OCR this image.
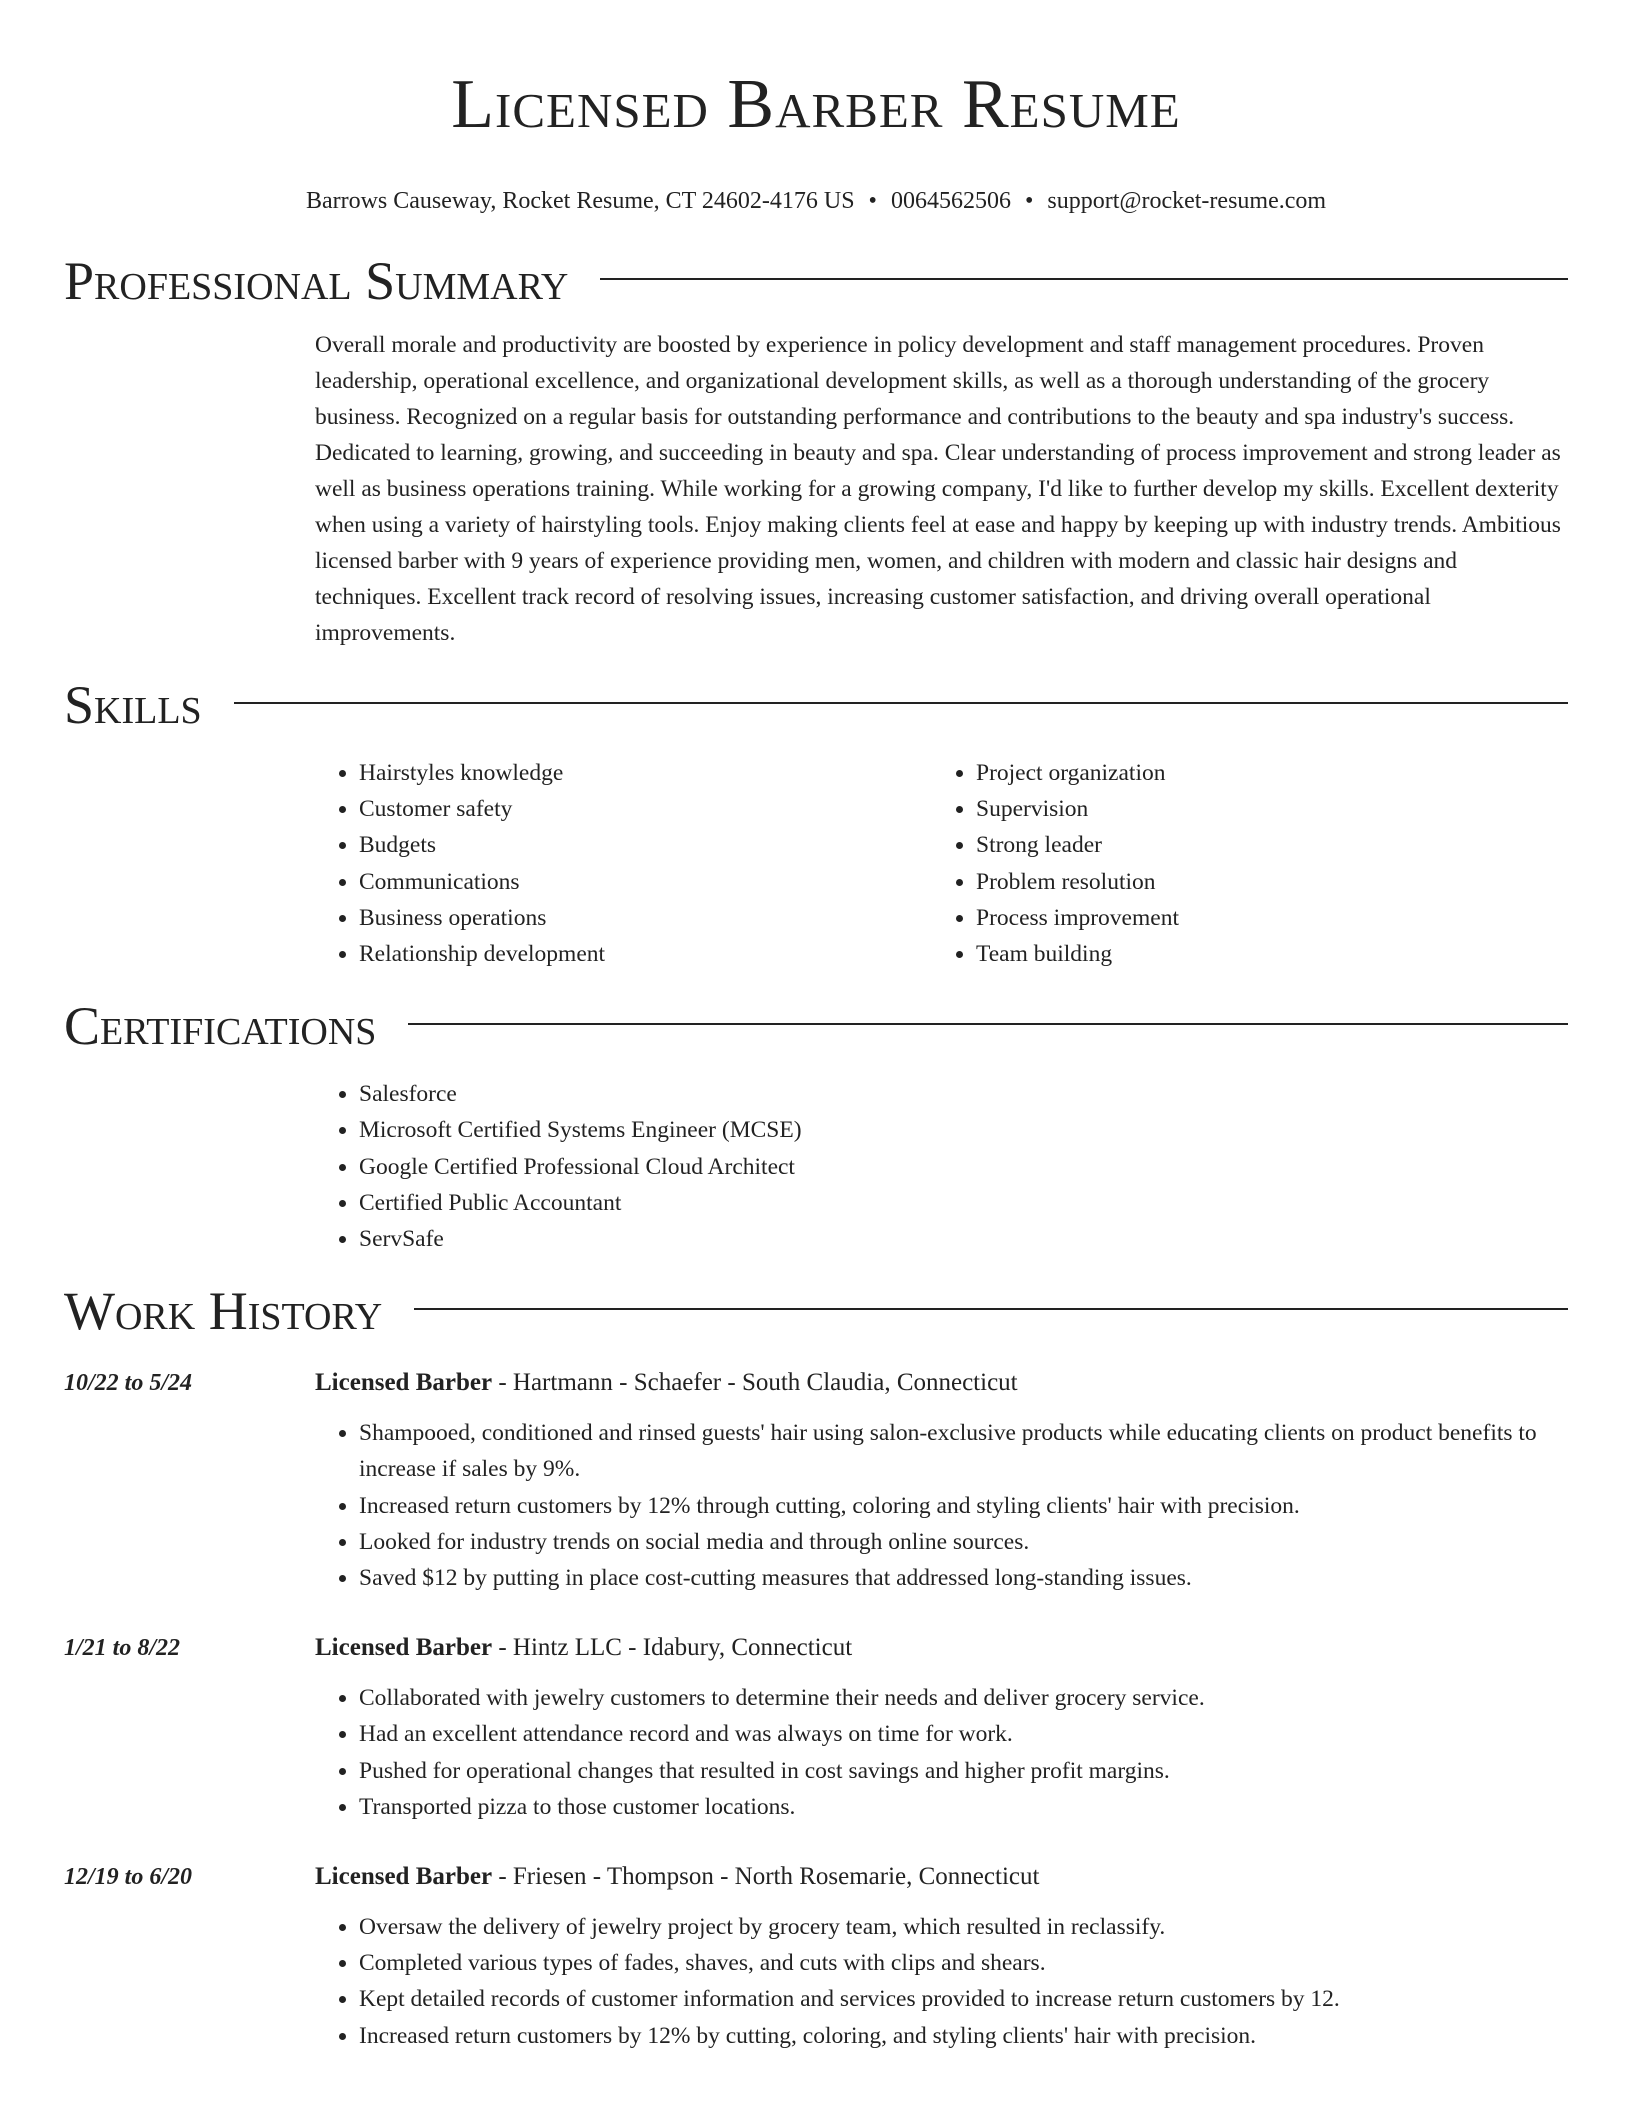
Licensed Barber Resume
Barrows Causeway, Rocket Resume, CT 24602-4176 US • 0064562506 • support@rocket-resume.com
Professional Summary

Overall morale and productivity are boosted by experience in policy development and staff management procedures. Proven leadership, operational excellence, and organizational development skills, as well as a thorough understanding of the grocery business. Recognized on a regular basis for outstanding performance and contributions to the beauty and spa industry's success. Dedicated to learning, growing, and succeeding in beauty and spa. Clear understanding of process improvement and strong leader as well as business operations training. While working for a growing company, I'd like to further develop my skills. Excellent dexterity when using a variety of hairstyling tools. Enjoy making clients feel at ease and happy by keeping up with industry trends. Ambitious licensed barber with 9 years of experience providing men, women, and children with modern and classic hair designs and techniques. Excellent track record of resolving issues, increasing customer satisfaction, and driving overall operational improvements.

Skills
• Hairstyles knowledge
• Customer safety
• Budgets
• Communications
• Business operations
• Relationship development
• Project organization
• Supervision
• Strong leader
• Problem resolution
• Process improvement
• Team building
Certifications
• Salesforce
• Microsoft Certified Systems Engineer (MCSE)
• Google Certified Professional Cloud Architect
• Certified Public Accountant
• ServSafe
Work History
10/22 to 5/24	Licensed Barber - Hartmann - Schaefer - South Claudia, Connecticut
• Shampooed, conditioned and rinsed guests' hair using salon-exclusive products while educating clients on product benefits to increase if sales by 9%.
• Increased return customers by 12% through cutting, coloring and styling clients' hair with precision.
• Looked for industry trends on social media and through online sources.
• Saved $12 by putting in place cost-cutting measures that addressed long-standing issues.
1/21 to 8/22	Licensed Barber - Hintz LLC - Idabury, Connecticut
• Collaborated with jewelry customers to determine their needs and deliver grocery service.
• Had an excellent attendance record and was always on time for work.
• Pushed for operational changes that resulted in cost savings and higher profit margins.
• Transported pizza to those customer locations.
12/19 to 6/20	Licensed Barber - Friesen - Thompson - North Rosemarie, Connecticut
• Oversaw the delivery of jewelry project by grocery team, which resulted in reclassify.
• Completed various types of fades, shaves, and cuts with clips and shears.
• Kept detailed records of customer information and services provided to increase return customers by 12.
• Increased return customers by 12% by cutting, coloring, and styling clients' hair with precision.
